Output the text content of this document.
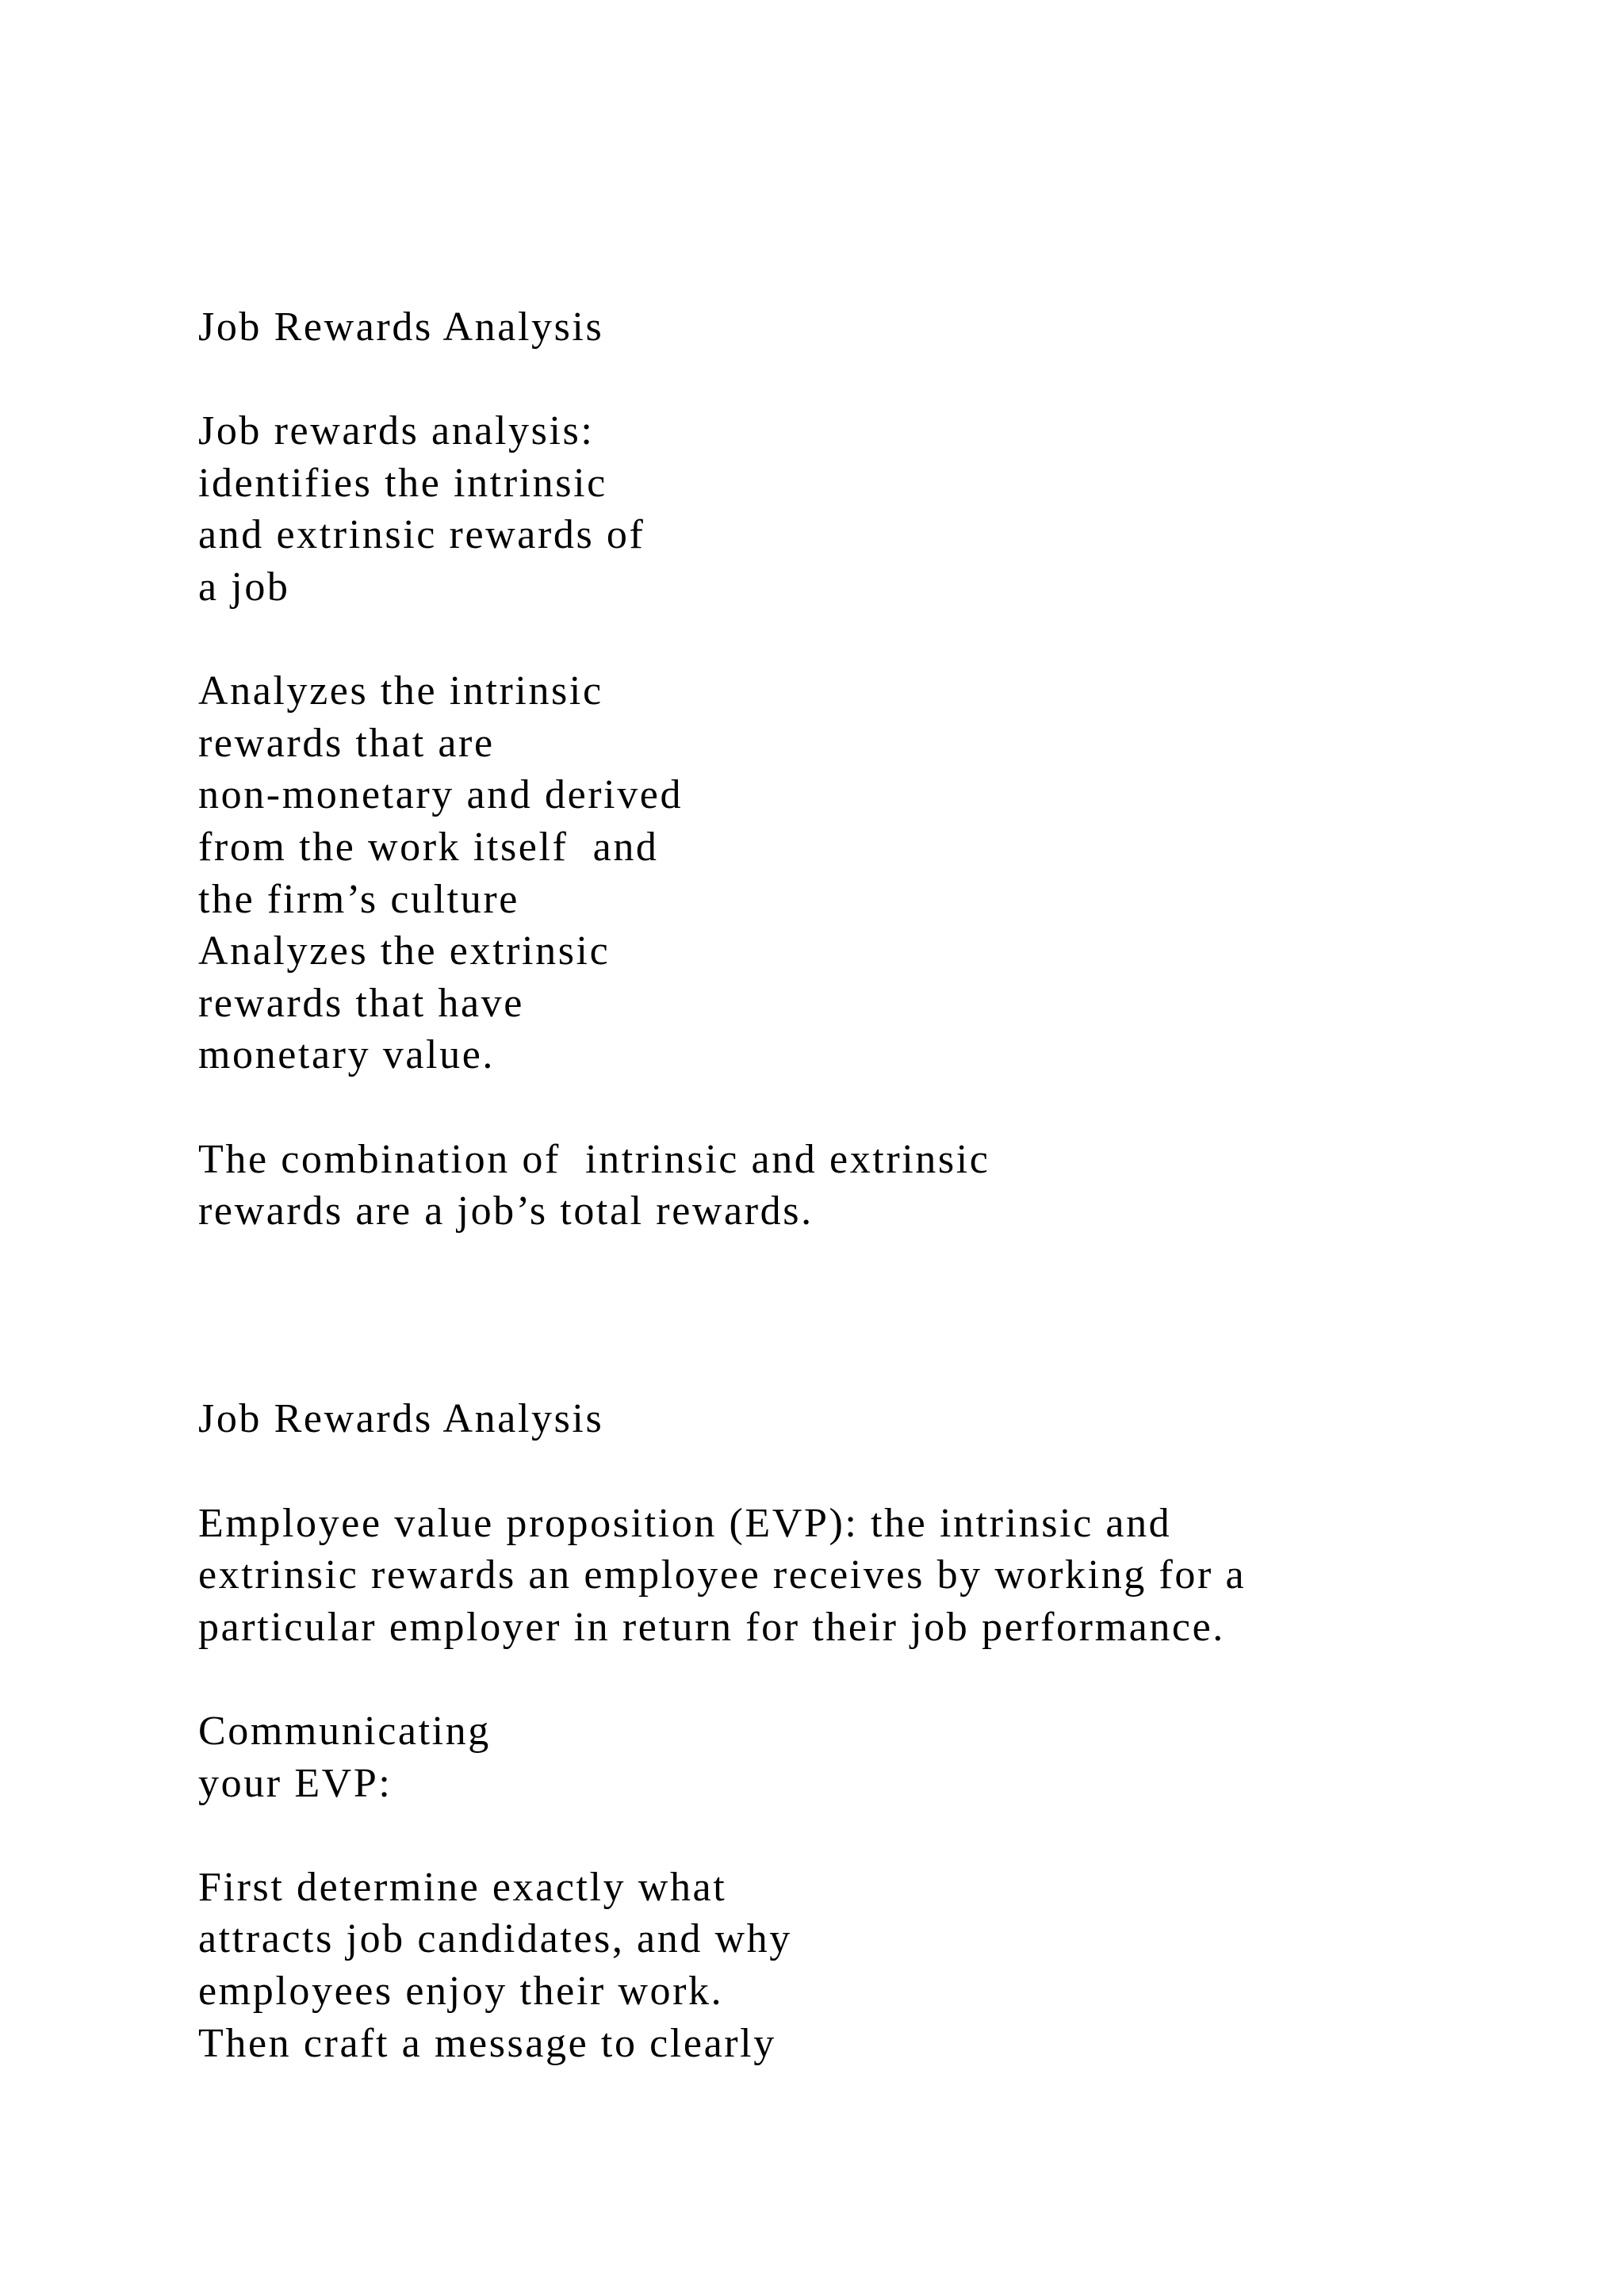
Job Rewards Analysis
Job rewards analysis:
identifies the intrinsic
and extrinsic rewards of
a job
Analyzes the intrinsic
rewards that are
non-monetary and derived
from the work itself  and
the firm’s culture
Analyzes the extrinsic
rewards that have
monetary value.
The combination of  intrinsic and extrinsic
rewards are a job’s total rewards.
Job Rewards Analysis
Employee value proposition (EVP): the intrinsic and
extrinsic rewards an employee receives by working for a
particular employer in return for their job performance.
Communicating
your EVP:
First determine exactly what
attracts job candidates, and why
employees enjoy their work.
Then craft a message to clearly
